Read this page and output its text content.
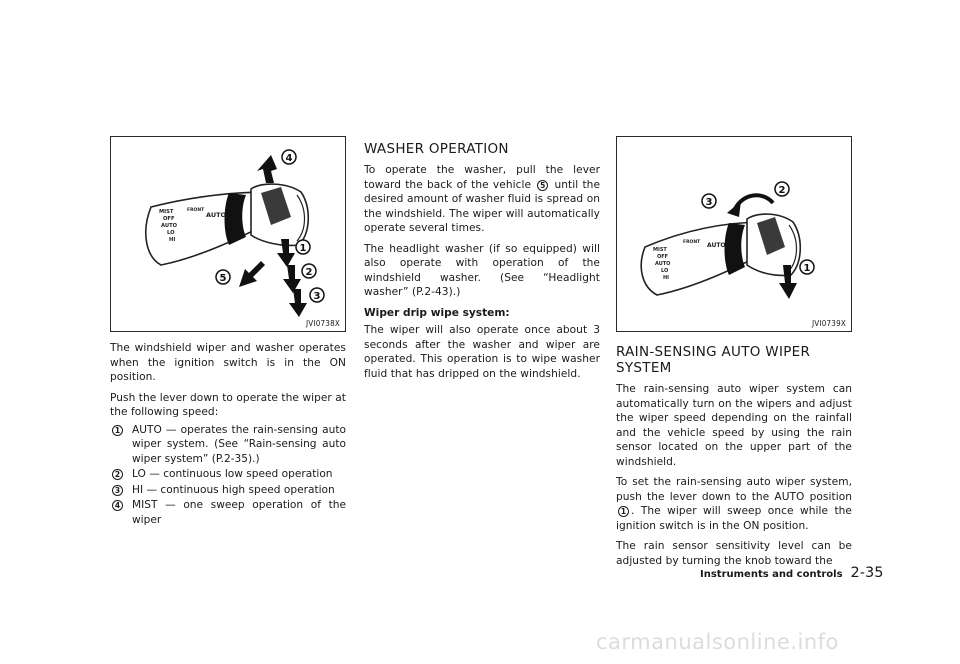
MIST
OFF
AUTO
LO
HI
AUTO
FRONT
4
1
2
3
5
JVI0738X

The windshield wiper and washer operates when the ignition switch is in the ON position.

Push the lever down to operate the wiper at the following speed:

1	AUTO — operates the rain-sensing auto wiper system. (See “Rain-sensing auto wiper system” (P.2-35).)
2	LO — continuous low speed operation
3	HI — continuous high speed operation
4	MIST — one sweep operation of the wiper
WASHER OPERATION

To operate the washer, pull the lever toward the back of the vehicle 5 until the desired amount of washer fluid is spread on the windshield. The wiper will automatically operate several times.

The headlight washer (if so equipped) will also operate with operation of the windshield washer. (See “Headlight washer” (P.2-43).)

Wiper drip wipe system:

The wiper will also operate once about 3 seconds after the washer and wiper are operated. This operation is to wipe washer fluid that has dripped on the windshield.

MIST
OFF
AUTO
LO
HI
AUTO
FRONT
2
3
1
JVI0739X
RAIN-SENSING AUTO WIPER SYSTEM

The rain-sensing auto wiper system can automatically turn on the wipers and adjust the wiper speed depending on the rainfall and the vehicle speed by using the rain sensor located on the upper part of the windshield.

To set the rain-sensing auto wiper system, push the lever down to the AUTO position 1 . The wiper will sweep once while the ignition switch is in the ON position.

The rain sensor sensitivity level can be adjusted by turning the knob toward the

Instruments and controls 2-35
carmanualsonline.info
